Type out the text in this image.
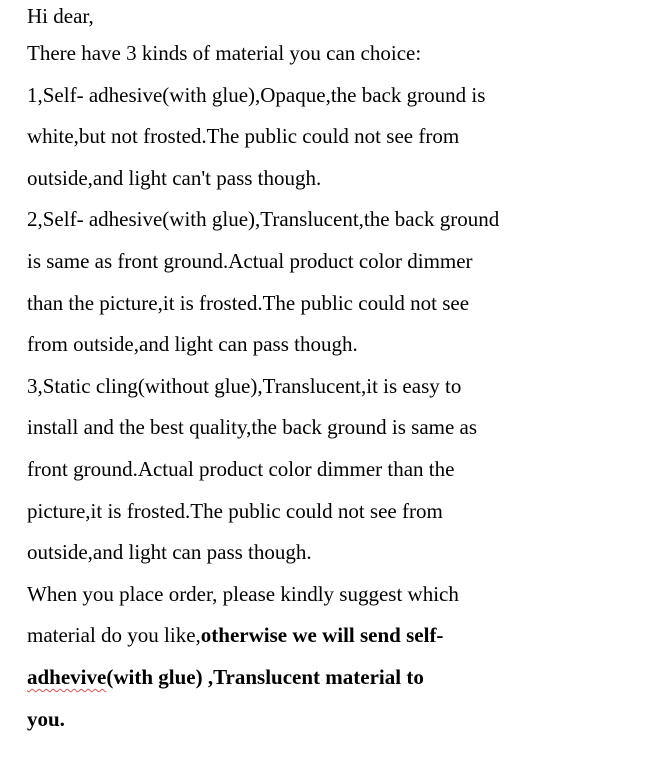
Hi dear,

There have 3 kinds of material you can choice:

1,Self- adhesive(with glue),Opaque,the back ground is

white,but not frosted.The public could not see from

outside,and light can't pass though.

2,Self- adhesive(with glue),Translucent,the back ground

is same as front ground.Actual product color dimmer

than the picture,it is frosted.The public could not see

from outside,and light can pass though.

3,Static cling(without glue),Translucent,it is easy to

install and the best quality,the back ground is same as

front ground.Actual product color dimmer than the

picture,it is frosted.The public could not see from

outside,and light can pass though.

When you place order, please kindly suggest which

material do you like,otherwise we will send self-

adhevive(with glue) ,Translucent material to

you.
